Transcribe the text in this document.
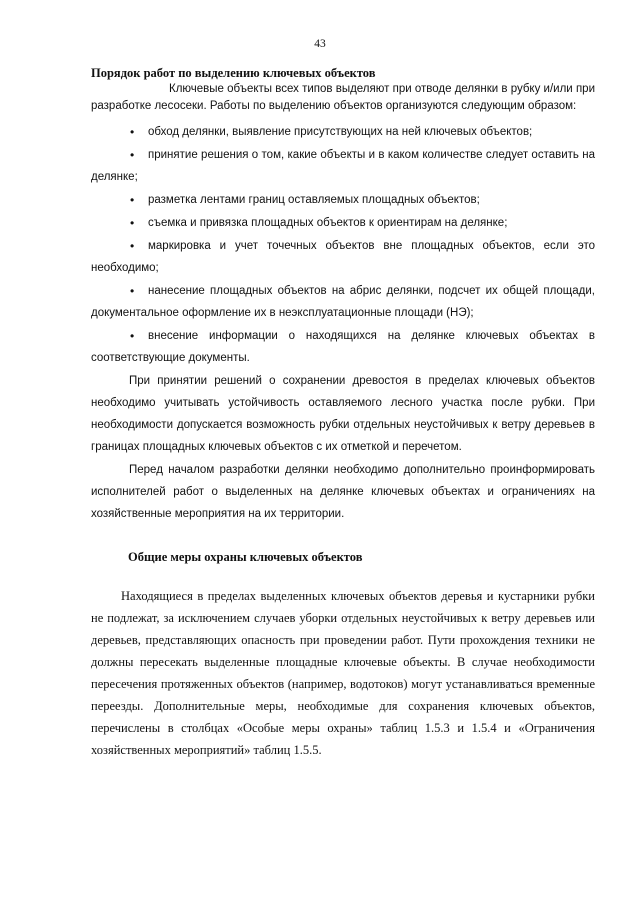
43
Порядок работ по выделению ключевых объектов

Ключевые объекты всех типов выделяют при отводе делянки в рубку и/или при разработке лесосеки. Работы по выделению объектов организуются следующим образом:

• обход делянки, выявление присутствующих на ней ключевых объектов;
• принятие решения о том, какие объекты и в каком количестве следует оставить на делянке;
• разметка лентами границ оставляемых площадных объектов;
• съемка и привязка площадных объектов к ориентирам на делянке;
• маркировка и учет точечных объектов вне площадных объектов, если это необходимо;
• нанесение площадных объектов на абрис делянки, подсчет их общей площади, документальное оформление их в неэксплуатационные площади (НЭ);
• внесение информации о находящихся на делянке ключевых объектах в соответствующие документы.

При принятии решений о сохранении древостоя в пределах ключевых объектов необходимо учитывать устойчивость оставляемого лесного участка после рубки. При необходимости допускается возможность рубки отдельных неустойчивых к ветру деревьев в границах площадных ключевых объектов с их отметкой и перечетом.

Перед началом разработки делянки необходимо дополнительно проинформировать исполнителей работ о выделенных на делянке ключевых объектах и ограничениях на хозяйственные мероприятия на их территории.

Общие меры охраны ключевых объектов

Находящиеся в пределах выделенных ключевых объектов деревья и кустарники рубки не подлежат, за исключением случаев уборки отдельных неустойчивых к ветру деревьев или деревьев, представляющих опасность при проведении работ. Пути прохождения техники не должны пересекать выделенные площадные ключевые объекты. В случае необходимости пересечения протяженных объектов (например, водотоков) могут устанавливаться временные переезды. Дополнительные меры, необходимые для сохранения ключевых объектов, перечислены в столбцах «Особые меры охраны» таблиц 1.5.3 и 1.5.4 и «Ограничения хозяйственных мероприятий» таблиц 1.5.5.
